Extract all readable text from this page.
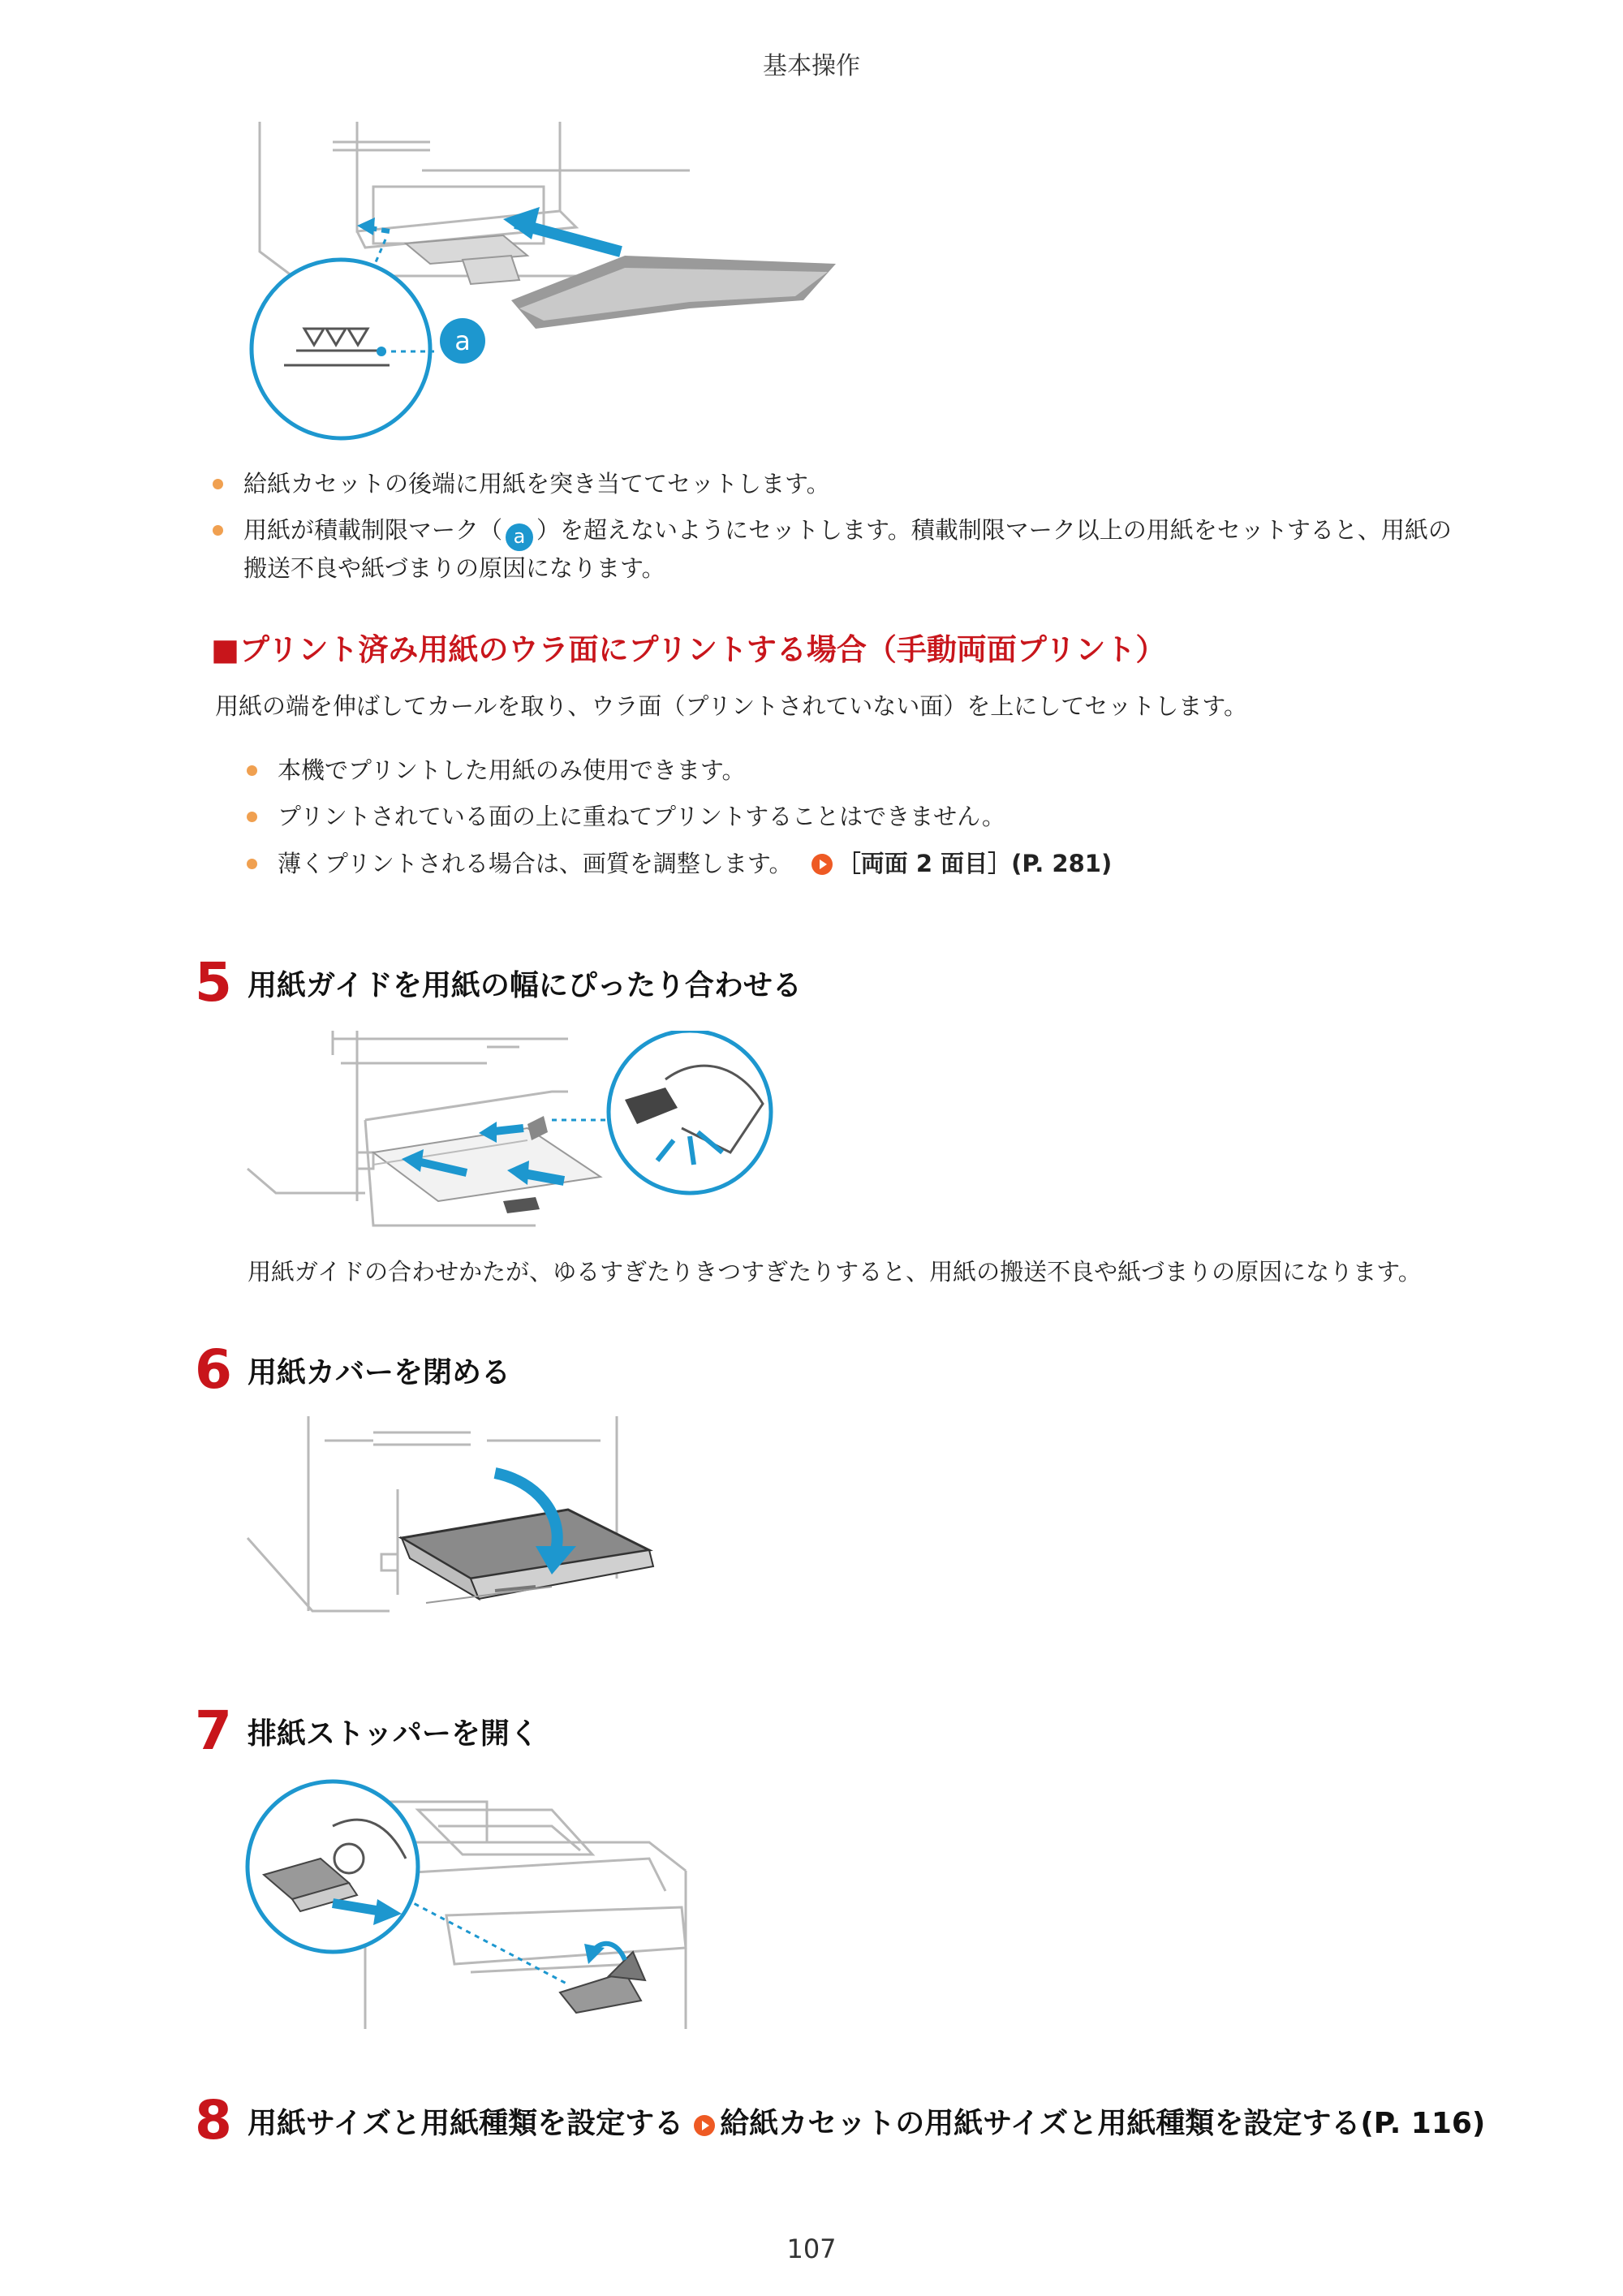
基本操作
a
給紙カセットの後端に用紙を突き当ててセットします。
用紙が積載制限マーク（ a ）を超えないようにセットします。積載制限マーク以上の用紙をセットすると、用紙の
搬送不良や紙づまりの原因になります。
■プリント済み用紙のウラ面にプリントする場合（手動両面プリント）
用紙の端を伸ばしてカールを取り、ウラ面（プリントされていない面）を上にしてセットします。
本機でプリントした用紙のみ使用できます。
プリントされている面の上に重ねてプリントすることはできません。
薄くプリントされる場合は、画質を調整します。 ［両面 2 面目］(P. 281)
5 用紙ガイドを用紙の幅にぴったり合わせる
用紙ガイドの合わせかたが、ゆるすぎたりきつすぎたりすると、用紙の搬送不良や紙づまりの原因になります。
6 用紙カバーを閉める
7 排紙ストッパーを開く
8 用紙サイズと用紙種類を設定する 給紙カセットの用紙サイズと用紙種類を設定する(P. 116)
107
